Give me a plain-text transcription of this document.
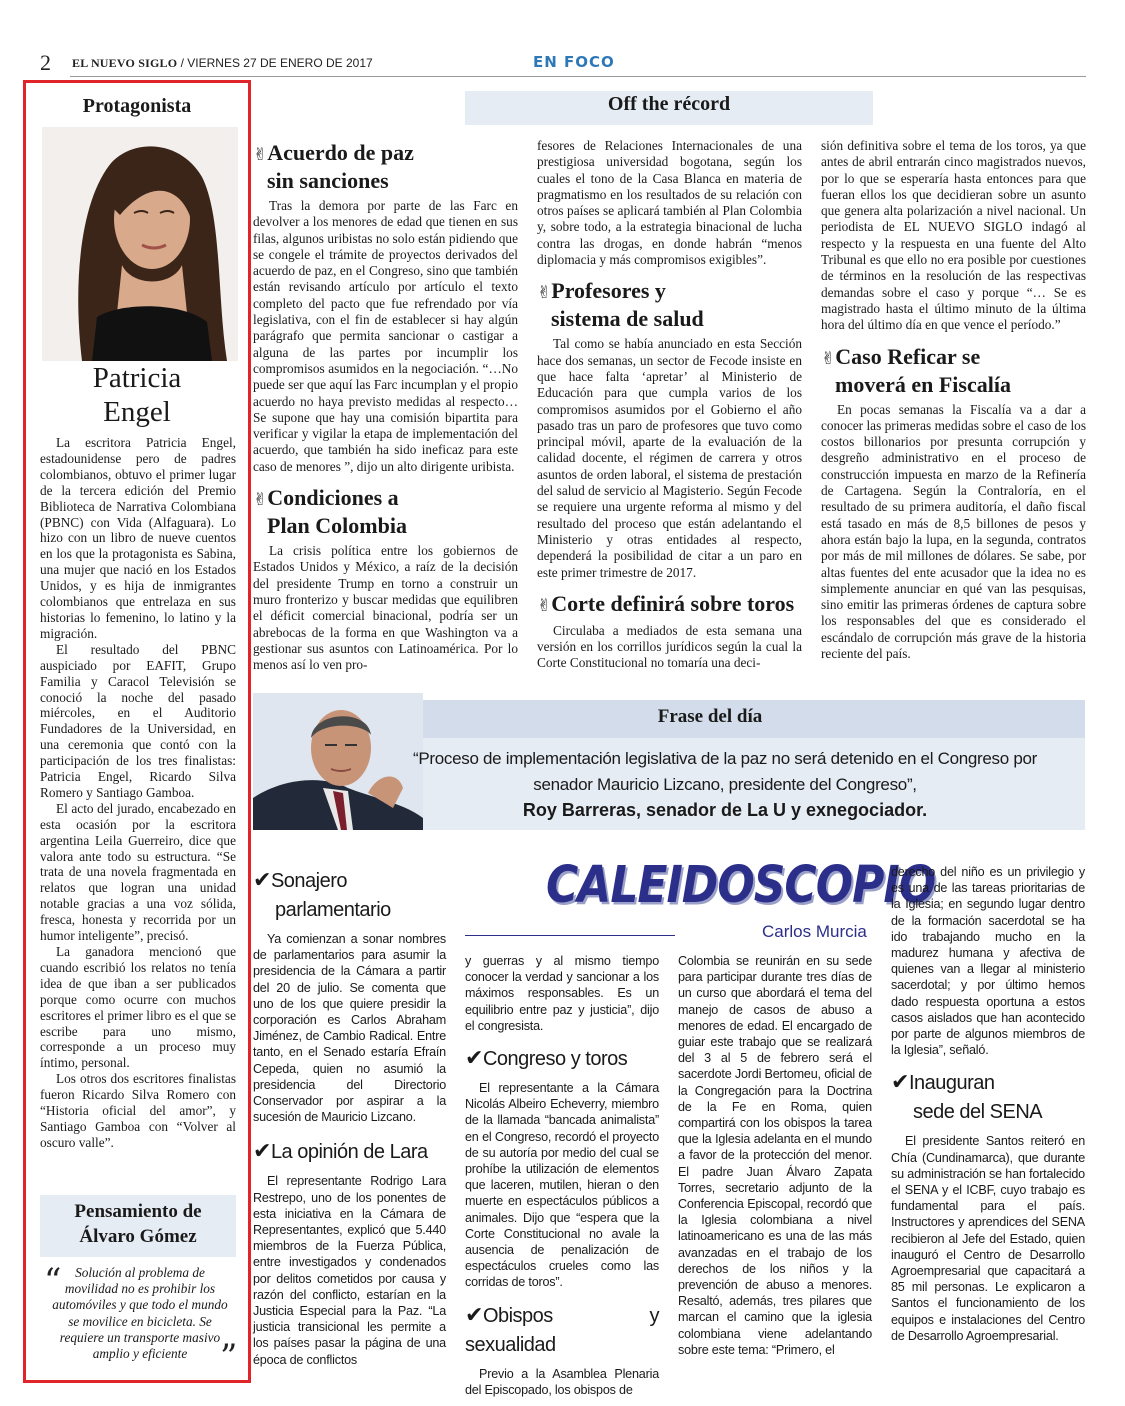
2 EL NUEVO SIGLO / VIERNES 27 DE ENERO DE 2017	EN FOCO
Protagonista
Patricia
Engel

La escritora Patricia Engel, estadounidense pero de padres colombianos, obtuvo el primer lugar de la tercera edición del Premio Biblioteca de Narrativa Colombiana (PBNC) con Vida (Alfaguara). Lo hizo con un libro de nueve cuentos en los que la protagonista es Sabina, una mujer que nació en los Estados Unidos, y es hija de inmigrantes colombianos que entrelaza en sus historias lo femenino, lo latino y la migración.

El resultado del PBNC auspiciado por EAFIT, Grupo Familia y Caracol Televisión se conoció la noche del pasado miércoles, en el Auditorio Fundadores de la Universidad, en una ceremonia que contó con la participación de los tres finalistas: Patricia Engel, Ricardo Silva Romero y Santiago Gamboa.

El acto del jurado, encabezado en esta ocasión por la escritora argentina Leila Guerreiro, dice que valora ante todo su estructura. “Se trata de una novela fragmentada en relatos que logran una unidad notable gracias a una voz sólida, fresca, honesta y recorrida por un humor inteligente”, precisó.

La ganadora mencionó que cuando escribió los relatos no tenía idea de que iban a ser publicados porque como ocurre con muchos escritores el primer libro es el que se escribe para uno mismo, corresponde a un proceso muy íntimo, personal.

Los otros dos escritores finalistas fueron Ricardo Silva Romero con “Historia oficial del amor”, y Santiago Gamboa con “Volver al oscuro valle”.

Pensamiento de
Álvaro Gómez
“	Solución al problema de movilidad no es prohibir los automóviles y que todo el mundo se movilice en bicicleta. Se requiere un transporte masivo amplio y eficiente ”
Off the récord
✌Acuerdo de paz
sin sanciones

Tras la demora por parte de las Farc en devolver a los menores de edad que tienen en sus filas, algunos uribistas no solo están pidiendo que se congele el trámite de proyectos derivados del acuerdo de paz, en el Congreso, sino que también están revisando artículo por artículo el texto completo del pacto que fue refrendado por vía legislativa, con el fin de establecer si hay algún parágrafo que permita sancionar o castigar a alguna de las partes por incumplir los compromisos asumidos en la negociación. “…No puede ser que aquí las Farc incumplan y el propio acuerdo no haya previsto medidas al respecto… Se supone que hay una comisión bipartita para verificar y vigilar la etapa de implementación del acuerdo, que también ha sido ineficaz para este caso de menores ”, dijo un alto dirigente uribista.

✌Condiciones a
Plan Colombia

La crisis política entre los gobiernos de Estados Unidos y México, a raíz de la decisión del presidente Trump en torno a construir un muro fronterizo y buscar medidas que equilibren el déficit comercial binacional, podría ser un abrebocas de la forma en que Washington va a gestionar sus asuntos con Latinoamérica. Por lo menos así lo ven pro-

fesores de Relaciones Internacionales de una prestigiosa universidad bogotana, según los cuales el tono de la Casa Blanca en materia de pragmatismo en los resultados de su relación con otros países se aplicará también al Plan Colombia y, sobre todo, a la estrategia binacional de lucha contra las drogas, en donde habrán “menos diplomacia y más compromisos exigibles”.

✌Profesores y
sistema de salud

Tal como se había anunciado en esta Sección hace dos semanas, un sector de Fecode insiste en que hace falta ‘apretar’ al Ministerio de Educación para que cumpla varios de los compromisos asumidos por el Gobierno el año pasado tras un paro de profesores que tuvo como principal móvil, aparte de la evaluación de la calidad docente, el régimen de carrera y otros asuntos de orden laboral, el sistema de prestación del salud de servicio al Magisterio. Según Fecode se requiere una urgente reforma al mismo y del resultado del proceso que están adelantando el Ministerio y otras entidades al respecto, dependerá la posibilidad de citar a un paro en este primer trimestre de 2017.

✌Corte definirá sobre toros

Circulaba a mediados de esta semana una versión en los corrillos jurídicos según la cual la Corte Constitucional no tomaría una deci-

sión definitiva sobre el tema de los toros, ya que antes de abril entrarán cinco magistrados nuevos, por lo que se esperaría hasta entonces para que fueran ellos los que decidieran sobre un asunto que genera alta polarización a nivel nacional. Un periodista de EL NUEVO SIGLO indagó al respecto y la respuesta en una fuente del Alto Tribunal es que ello no era posible por cuestiones de términos en la resolución de las respectivas demandas sobre el caso y porque “… Se es magistrado hasta el último minuto de la última hora del último día en que vence el período.”

✌Caso Reficar se
moverá en Fiscalía

En pocas semanas la Fiscalía va a dar a conocer las primeras medidas sobre el caso de los costos billonarios por presunta corrupción y desgreño administrativo en el proceso de construcción impuesta en marzo de la Refinería de Cartagena. Según la Contraloría, en el resultado de su primera auditoría, el daño fiscal está tasado en más de 8,5 billones de pesos y ahora están bajo la lupa, en la segunda, contratos por más de mil millones de dólares. Se sabe, por altas fuentes del ente acusador que la idea no es simplemente anunciar en qué van las pesquisas, sino emitir las primeras órdenes de captura sobre los responsables del que es considerado el escándalo de corrupción más grave de la historia reciente del país.

Frase del día
“Proceso de implementación legislativa de la paz no será detenido en el Congreso por
senador Mauricio Lizcano, presidente del Congreso”,
Roy Barreras, senador de La U y exnegociador.
CALEIDOSCOPIO
Carlos Murcia
✔Sonajero
parlamentario

Ya comienzan a sonar nombres de parlamentarios para asumir la presidencia de la Cámara a partir del 20 de julio. Se comenta que uno de los que quiere presidir la corporación es Carlos Abraham Jiménez, de Cambio Radical. Entre tanto, en el Senado estaría Efraín Cepeda, quien no asumió la presidencia del Directorio Conservador por aspirar a la sucesión de Mauricio Lizcano.

✔La opinión de Lara

El representante Rodrigo Lara Restrepo, uno de los ponentes de esta iniciativa en la Cámara de Representantes, explicó que 5.440 miembros de la Fuerza Pública, entre investigados y condenados por delitos cometidos por causa y razón del conflicto, estarían en la Justicia Especial para la Paz. “La justicia transicional les permite a los países pasar la página de una época de conflictos

y guerras y al mismo tiempo conocer la verdad y sancionar a los máximos responsables. Es un equilibrio entre paz y justicia”, dijo el congresista.

✔Congreso y toros

El representante a la Cámara Nicolás Albeiro Echeverry, miembro de la llamada “bancada animalista” en el Congreso, recordó el proyecto de su autoría por medio del cual se prohíbe la utilización de elementos que laceren, mutilen, hieran o den muerte en espectáculos públicos a animales. Dijo que “espera que la Corte Constitucional no avale la ausencia de penalización de espectáculos crueles como las corridas de toros”.

✔Obispos y sexualidad

Previo a la Asamblea Plenaria del Episcopado, los obispos de

Colombia se reunirán en su sede para participar durante tres días de un curso que abordará el tema del manejo de casos de abuso a menores de edad. El encargado de guiar este trabajo que se realizará del 3 al 5 de febrero será el sacerdote Jordi Bertomeu, oficial de la Congregación para la Doctrina de la Fe en Roma, quien compartirá con los obispos la tarea que la Iglesia adelanta en el mundo a favor de la protección del menor. El padre Juan Álvaro Zapata Torres, secretario adjunto de la Conferencia Episcopal, recordó que la Iglesia colombiana a nivel latinoamericano es una de las más avanzadas en el trabajo de los derechos de los niños y la prevención de abuso a menores. Resaltó, además, tres pilares que marcan el camino que la iglesia colombiana viene adelantando sobre este tema: “Primero, el

derecho del niño es un privilegio y es una de las tareas prioritarias de la Iglesia; en segundo lugar dentro de la formación sacerdotal se ha ido trabajando mucho en la madurez humana y afectiva de quienes van a llegar al ministerio sacerdotal; y por último hemos dado respuesta oportuna a estos casos aislados que han acontecido por parte de algunos miembros de la Iglesia”, señaló.

✔Inauguran
sede del SENA

El presidente Santos reiteró en Chía (Cundinamarca), que durante su administración se han fortalecido el SENA y el ICBF, cuyo trabajo es fundamental para el país. Instructores y aprendices del SENA recibieron al Jefe del Estado, quien inauguró el Centro de Desarrollo Agroempresarial que capacitará a 85 mil personas. Le explicaron a Santos el funcionamiento de los equipos e instalaciones del Centro de Desarrollo Agroempresarial.
